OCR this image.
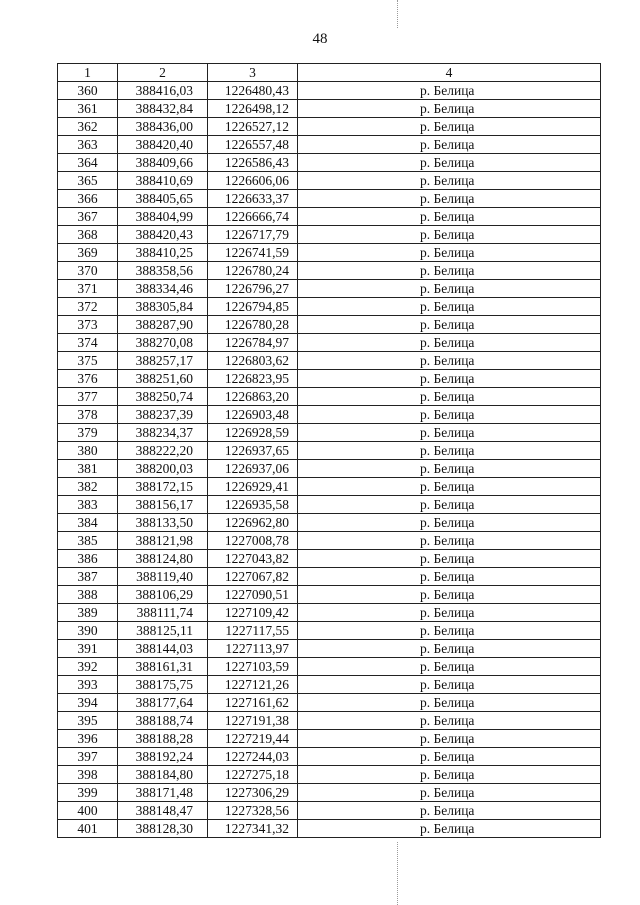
48
1	2	3	4
360	388416,03	1226480,43	р. Белица
361	388432,84	1226498,12	р. Белица
362	388436,00	1226527,12	р. Белица
363	388420,40	1226557,48	р. Белица
364	388409,66	1226586,43	р. Белица
365	388410,69	1226606,06	р. Белица
366	388405,65	1226633,37	р. Белица
367	388404,99	1226666,74	р. Белица
368	388420,43	1226717,79	р. Белица
369	388410,25	1226741,59	р. Белица
370	388358,56	1226780,24	р. Белица
371	388334,46	1226796,27	р. Белица
372	388305,84	1226794,85	р. Белица
373	388287,90	1226780,28	р. Белица
374	388270,08	1226784,97	р. Белица
375	388257,17	1226803,62	р. Белица
376	388251,60	1226823,95	р. Белица
377	388250,74	1226863,20	р. Белица
378	388237,39	1226903,48	р. Белица
379	388234,37	1226928,59	р. Белица
380	388222,20	1226937,65	р. Белица
381	388200,03	1226937,06	р. Белица
382	388172,15	1226929,41	р. Белица
383	388156,17	1226935,58	р. Белица
384	388133,50	1226962,80	р. Белица
385	388121,98	1227008,78	р. Белица
386	388124,80	1227043,82	р. Белица
387	388119,40	1227067,82	р. Белица
388	388106,29	1227090,51	р. Белица
389	388111,74	1227109,42	р. Белица
390	388125,11	1227117,55	р. Белица
391	388144,03	1227113,97	р. Белица
392	388161,31	1227103,59	р. Белица
393	388175,75	1227121,26	р. Белица
394	388177,64	1227161,62	р. Белица
395	388188,74	1227191,38	р. Белица
396	388188,28	1227219,44	р. Белица
397	388192,24	1227244,03	р. Белица
398	388184,80	1227275,18	р. Белица
399	388171,48	1227306,29	р. Белица
400	388148,47	1227328,56	р. Белица
401	388128,30	1227341,32	р. Белица
